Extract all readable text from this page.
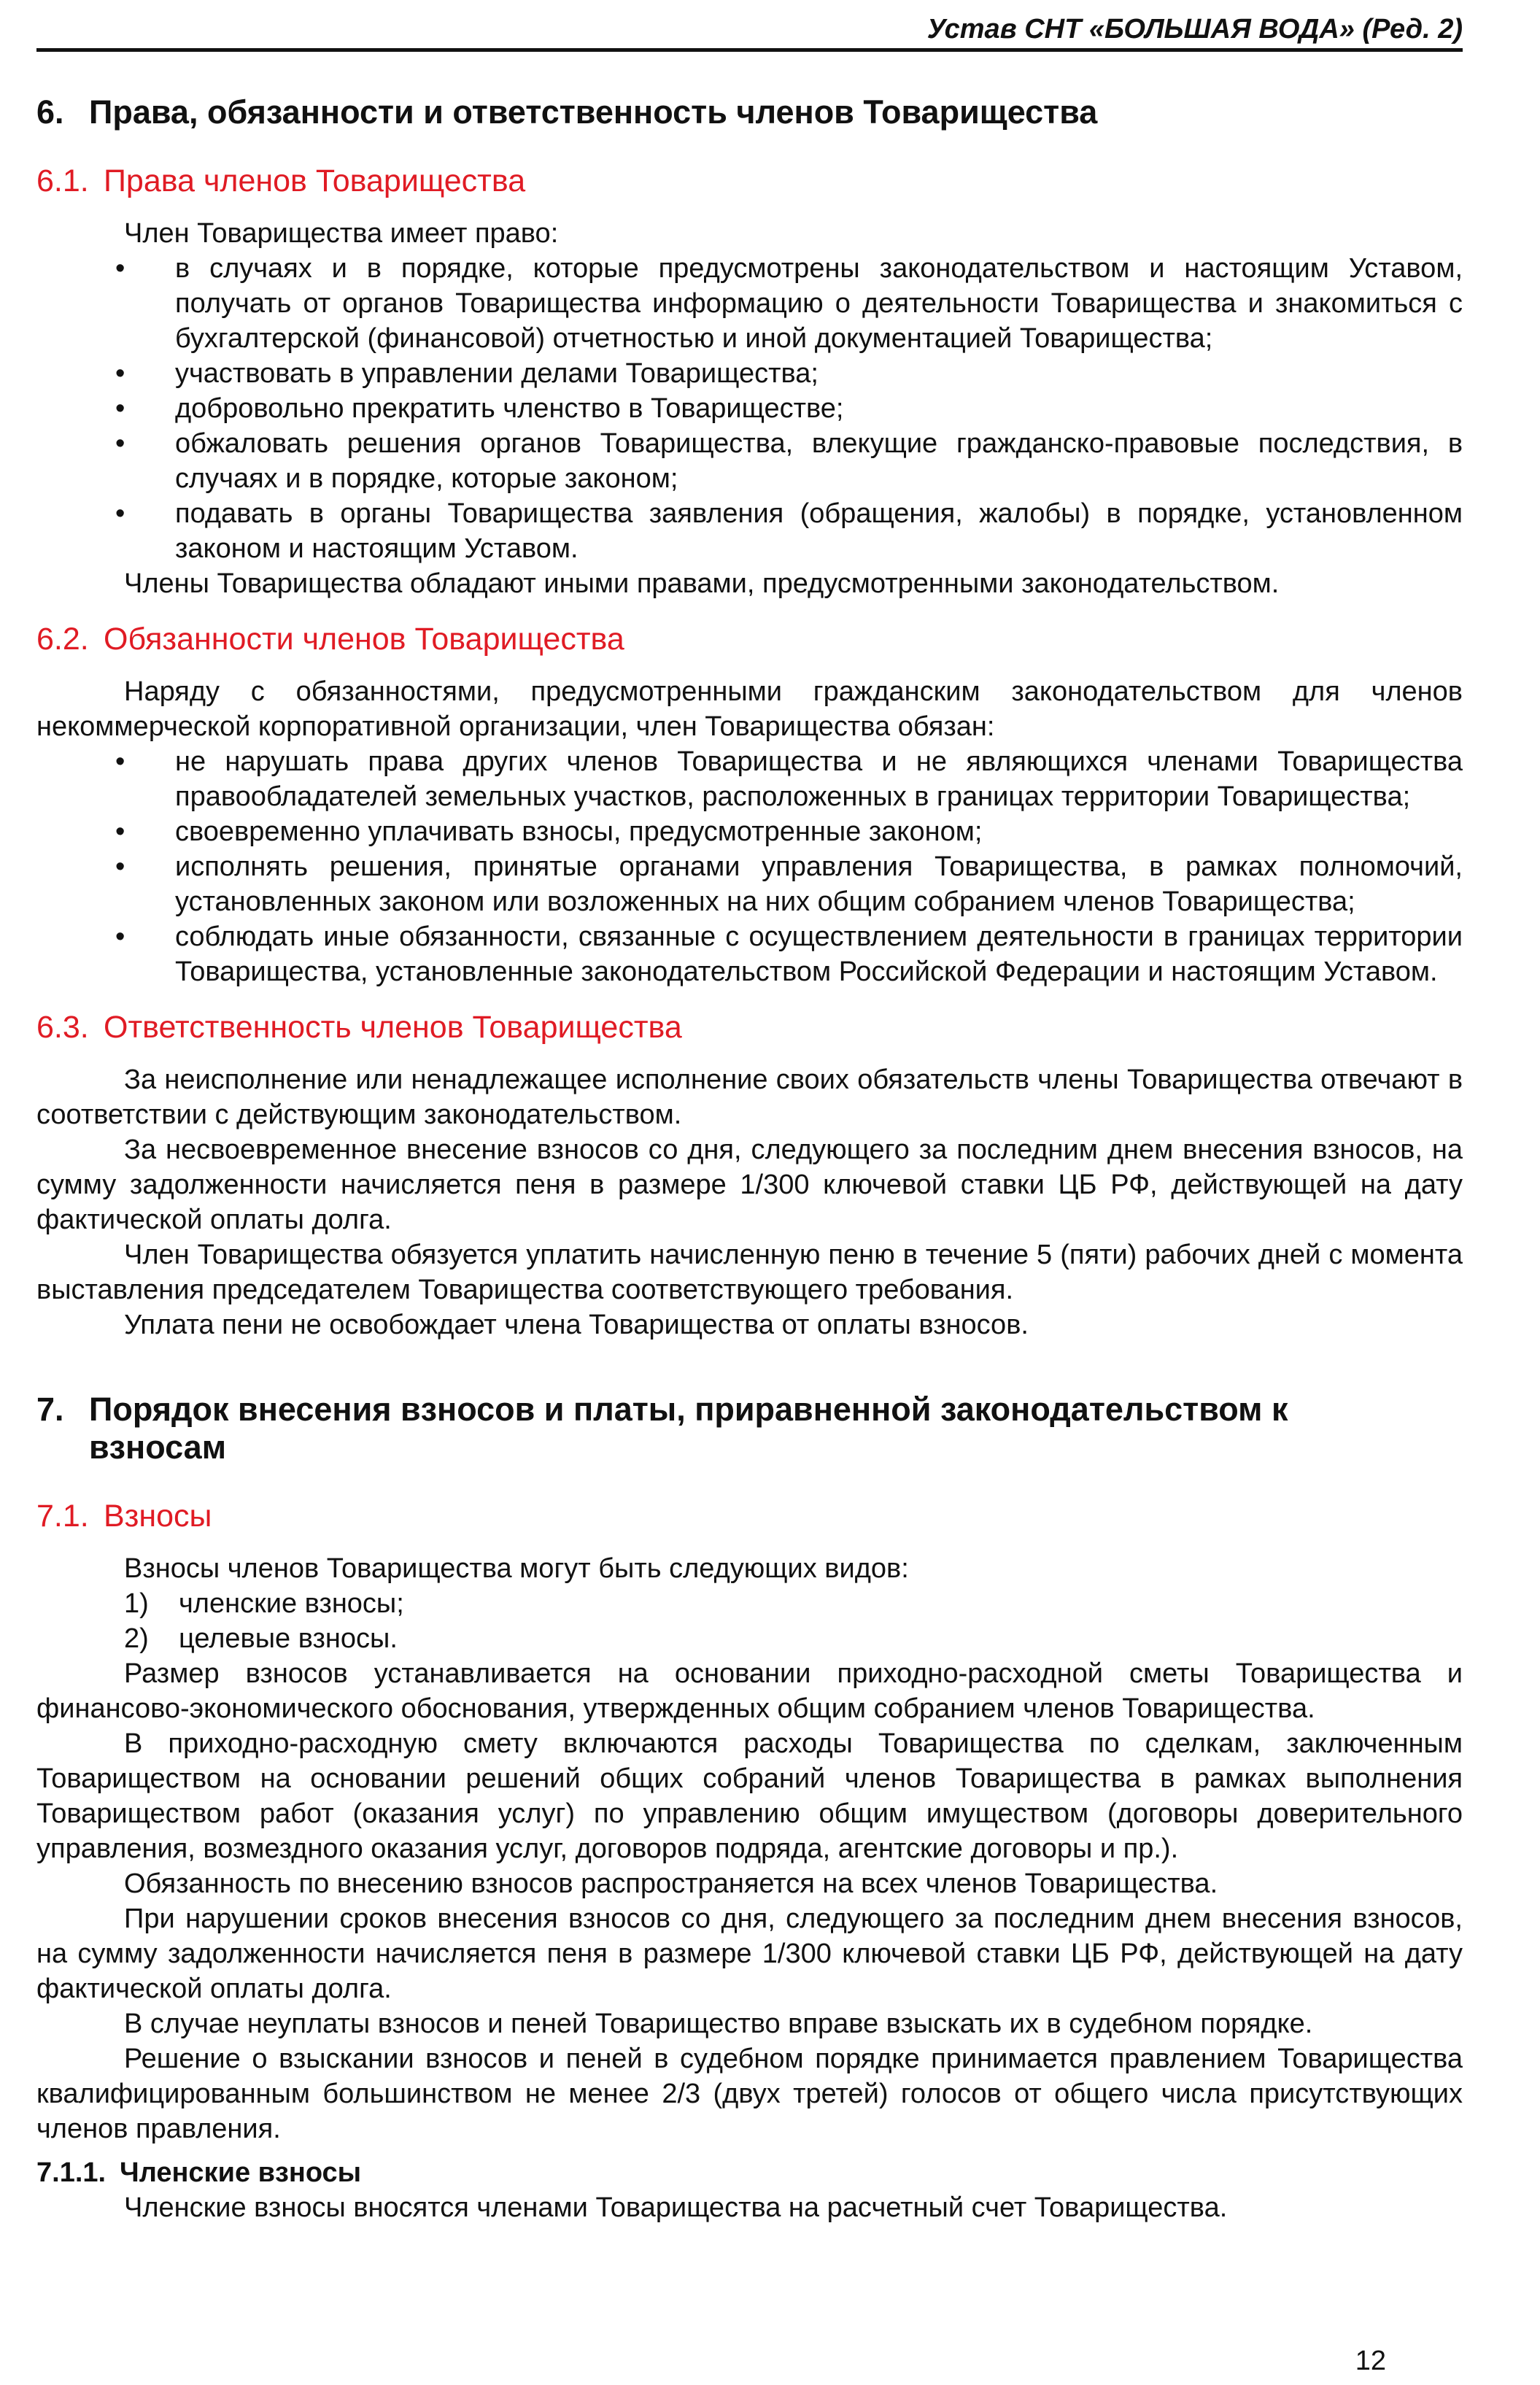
Устав СНТ «БОЛЬШАЯ ВОДА» (Ред. 2)
6. Права, обязанности и ответственность членов Товарищества
6.1. Права членов Товарищества

Член Товарищества имеет право:

• в случаях и в порядке, которые предусмотрены законодательством и настоящим Уставом, получать от органов Товарищества информацию о деятельности Товарищества и знакомиться с бухгалтерской (финансовой) отчетностью и иной документацией Товарищества;
• участвовать в управлении делами Товарищества;
• добровольно прекратить членство в Товариществе;
• обжаловать решения органов Товарищества, влекущие гражданско-правовые последствия, в случаях и в порядке, которые законом;
• подавать в органы Товарищества заявления (обращения, жалобы) в порядке, установленном законом и настоящим Уставом.

Члены Товарищества обладают иными правами, предусмотренными законодательством.

6.2. Обязанности членов Товарищества

Наряду с обязанностями, предусмотренными гражданским законодательством для членов некоммерческой корпоративной организации, член Товарищества обязан:

• не нарушать права других членов Товарищества и не являющихся членами Товарищества правообладателей земельных участков, расположенных в границах территории Товарищества;
• своевременно уплачивать взносы, предусмотренные законом;
• исполнять решения, принятые органами управления Товарищества, в рамках полномочий, установленных законом или возложенных на них общим собранием членов Товарищества;
• соблюдать иные обязанности, связанные с осуществлением деятельности в границах территории Товарищества, установленные законодательством Российской Федерации и настоящим Уставом.
6.3. Ответственность членов Товарищества

За неисполнение или ненадлежащее исполнение своих обязательств члены Товарищества отвечают в соответствии с действующим законодательством.

За несвоевременное внесение взносов со дня, следующего за последним днем внесения взносов, на сумму задолженности начисляется пеня в размере 1/300 ключевой ставки ЦБ РФ, действующей на дату фактической оплаты долга.

Член Товарищества обязуется уплатить начисленную пеню в течение 5 (пяти) рабочих дней с момента выставления председателем Товарищества соответствующего требования.

Уплата пени не освобождает члена Товарищества от оплаты взносов.

7. Порядок внесения взносов и платы, приравненной законодательством к взносам
7.1. Взносы

Взносы членов Товарищества могут быть следующих видов:

1) членские взносы;
2) целевые взносы.

Размер взносов устанавливается на основании приходно-расходной сметы Товарищества и финансово-экономического обоснования, утвержденных общим собранием членов Товарищества.

В приходно-расходную смету включаются расходы Товарищества по сделкам, заключенным Товариществом на основании решений общих собраний членов Товарищества в рамках выполнения Товариществом работ (оказания услуг) по управлению общим имуществом (договоры доверительного управления, возмездного оказания услуг, договоров подряда, агентские договоры и пр.).

Обязанность по внесению взносов распространяется на всех членов Товарищества.

При нарушении сроков внесения взносов со дня, следующего за последним днем внесения взносов, на сумму задолженности начисляется пеня в размере 1/300 ключевой ставки ЦБ РФ, действующей на дату фактической оплаты долга.

В случае неуплаты взносов и пеней Товарищество вправе взыскать их в судебном порядке.

Решение о взыскании взносов и пеней в судебном порядке принимается правлением Товарищества квалифицированным большинством не менее 2/3 (двух третей) голосов от общего числа присутствующих членов правления.

7.1.1. Членские взносы

Членские взносы вносятся членами Товарищества на расчетный счет Товарищества.

12
